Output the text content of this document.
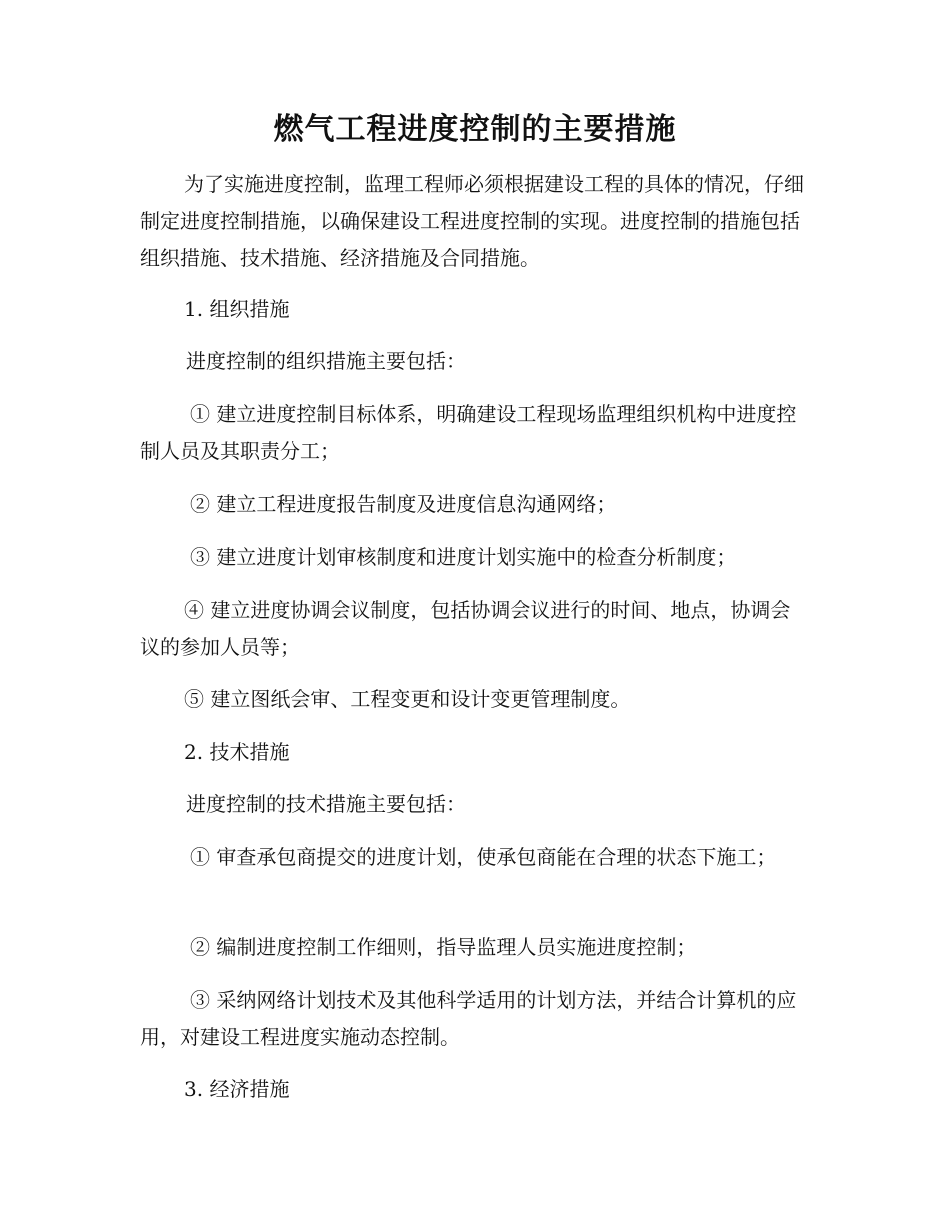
燃气工程进度控制的主要措施

为了实施进度控制，监理工程师必须根据建设工程的具体的情况，仔细制定进度控制措施，以确保建设工程进度控制的实现。进度控制的措施包括组织措施、技术措施、经济措施及合同措施。

1. 组织措施

进度控制的组织措施主要包括：

① 建立进度控制目标体系，明确建设工程现场监理组织机构中进度控制人员及其职责分工；

② 建立工程进度报告制度及进度信息沟通网络；

③ 建立进度计划审核制度和进度计划实施中的检查分析制度；

④ 建立进度协调会议制度，包括协调会议进行的时间、地点，协调会议的参加人员等；

⑤ 建立图纸会审、工程变更和设计变更管理制度。

2. 技术措施

进度控制的技术措施主要包括：

① 审查承包商提交的进度计划，使承包商能在合理的状态下施工；

② 编制进度控制工作细则，指导监理人员实施进度控制；

③ 采纳网络计划技术及其他科学适用的计划方法，并结合计算机的应用，对建设工程进度实施动态控制。

3. 经济措施
